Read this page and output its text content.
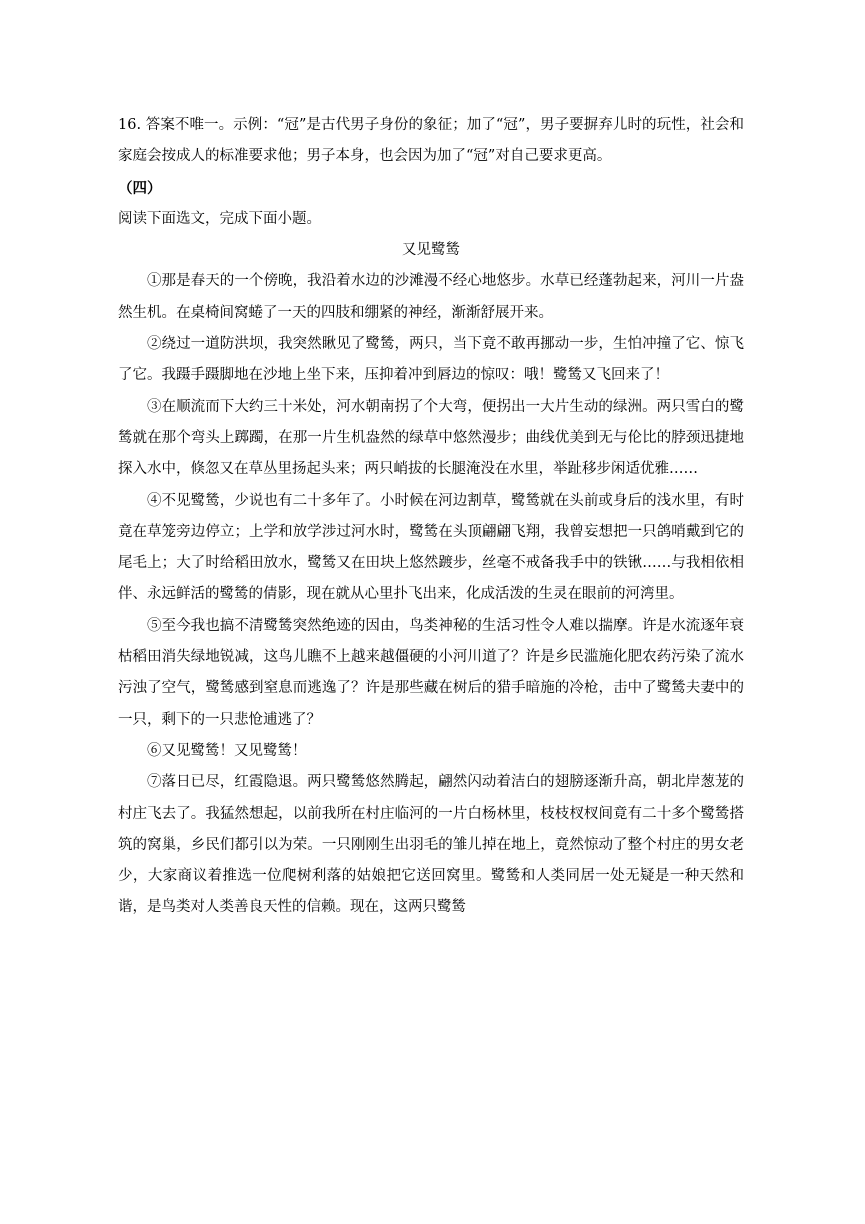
16. 答案不唯一。示例：“冠”是古代男子身份的象征；加了“冠”，男子要摒弃儿时的玩性，社会和家庭会按成人的标准要求他；男子本身，也会因为加了“冠”对自己要求更高。

（四）

阅读下面选文，完成下面小题。

又见鹭鸶

①那是春天的一个傍晚，我沿着水边的沙滩漫不经心地悠步。水草已经蓬勃起来，河川一片盎然生机。在桌椅间窝蜷了一天的四肢和绷紧的神经，渐渐舒展开来。

②绕过一道防洪坝，我突然瞅见了鹭鸶，两只，当下竟不敢再挪动一步，生怕冲撞了它、惊飞了它。我蹑手蹑脚地在沙地上坐下来，压抑着冲到唇边的惊叹：哦！鹭鸶又飞回来了！

③在顺流而下大约三十米处，河水朝南拐了个大弯，便拐出一大片生动的绿洲。两只雪白的鹭鸶就在那个弯头上踯躅，在那一片生机盎然的绿草中悠然漫步；曲线优美到无与伦比的脖颈迅捷地探入水中，倏忽又在草丛里扬起头来；两只峭拔的长腿淹没在水里，举趾移步闲适优雅……

④不见鹭鸶，少说也有二十多年了。小时候在河边割草，鹭鸶就在头前或身后的浅水里，有时竟在草笼旁边停立；上学和放学涉过河水时，鹭鸶在头顶翩翩飞翔，我曾妄想把一只鸽哨戴到它的尾毛上；大了时给稻田放水，鹭鸶又在田块上悠然踱步，丝毫不戒备我手中的铁锹……与我相依相伴、永远鲜活的鹭鸶的倩影，现在就从心里扑飞出来，化成活泼的生灵在眼前的河湾里。

⑤至今我也搞不清鹭鸶突然绝迹的因由，鸟类神秘的生活习性令人难以揣摩。许是水流逐年衰枯稻田消失绿地锐减，这鸟儿瞧不上越来越僵硬的小河川道了？许是乡民滥施化肥农药污染了流水污浊了空气，鹭鸶感到窒息而逃逸了？许是那些藏在树后的猎手暗施的冷枪，击中了鹭鸶夫妻中的一只，剩下的一只悲怆逋逃了？

⑥又见鹭鸶！又见鹭鸶！

⑦落日已尽，红霞隐退。两只鹭鸶悠然腾起，翩然闪动着洁白的翅膀逐渐升高，朝北岸葱茏的村庄飞去了。我猛然想起，以前我所在村庄临河的一片白杨林里，枝枝杈杈间竟有二十多个鹭鸶搭筑的窝巢，乡民们都引以为荣。一只刚刚生出羽毛的雏儿掉在地上，竟然惊动了整个村庄的男女老少，大家商议着推选一位爬树利落的姑娘把它送回窝里。鹭鸶和人类同居一处无疑是一种天然和谐，是鸟类对人类善良天性的信赖。现在，这两只鹭鸶
